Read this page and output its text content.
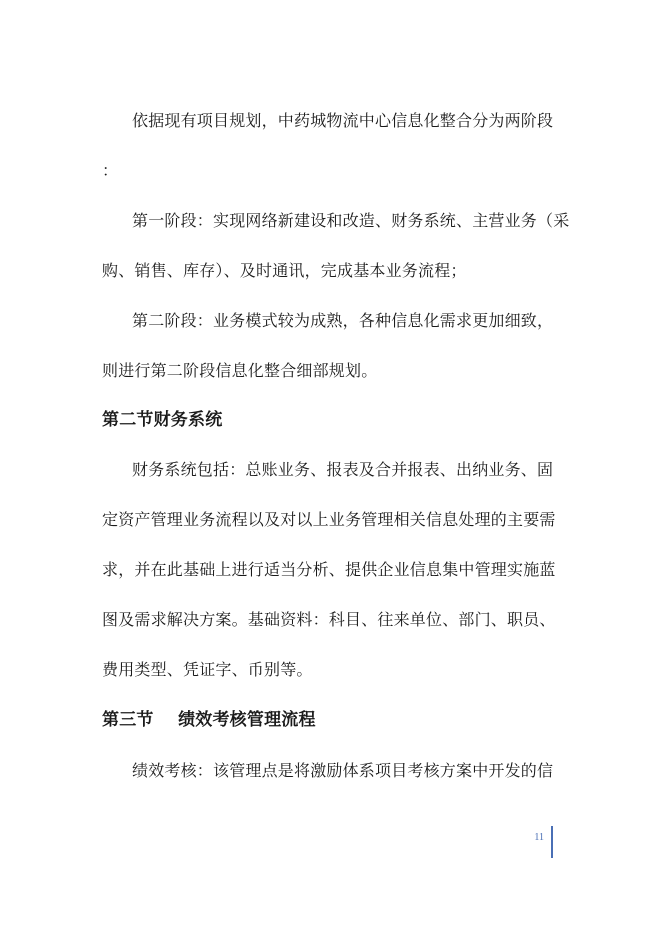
依据现有项目规划，中药城物流中心信息化整合分为两阶段
：
第一阶段：实现网络新建设和改造、财务系统、主营业务（采
购、销售、库存）、及时通讯，完成基本业务流程；
第二阶段：业务模式较为成熟，各种信息化需求更加细致，
则进行第二阶段信息化整合细部规划。
第二节财务系统
财务系统包括：总账业务、报表及合并报表、出纳业务、固
定资产管理业务流程以及对以上业务管理相关信息处理的主要需
求，并在此基础上进行适当分析、提供企业信息集中管理实施蓝
图及需求解决方案。基础资料：科目、往来单位、部门、职员、
费用类型、凭证字、币别等。
第三节    绩效考核管理流程
绩效考核：该管理点是将激励体系项目考核方案中开发的信
11
